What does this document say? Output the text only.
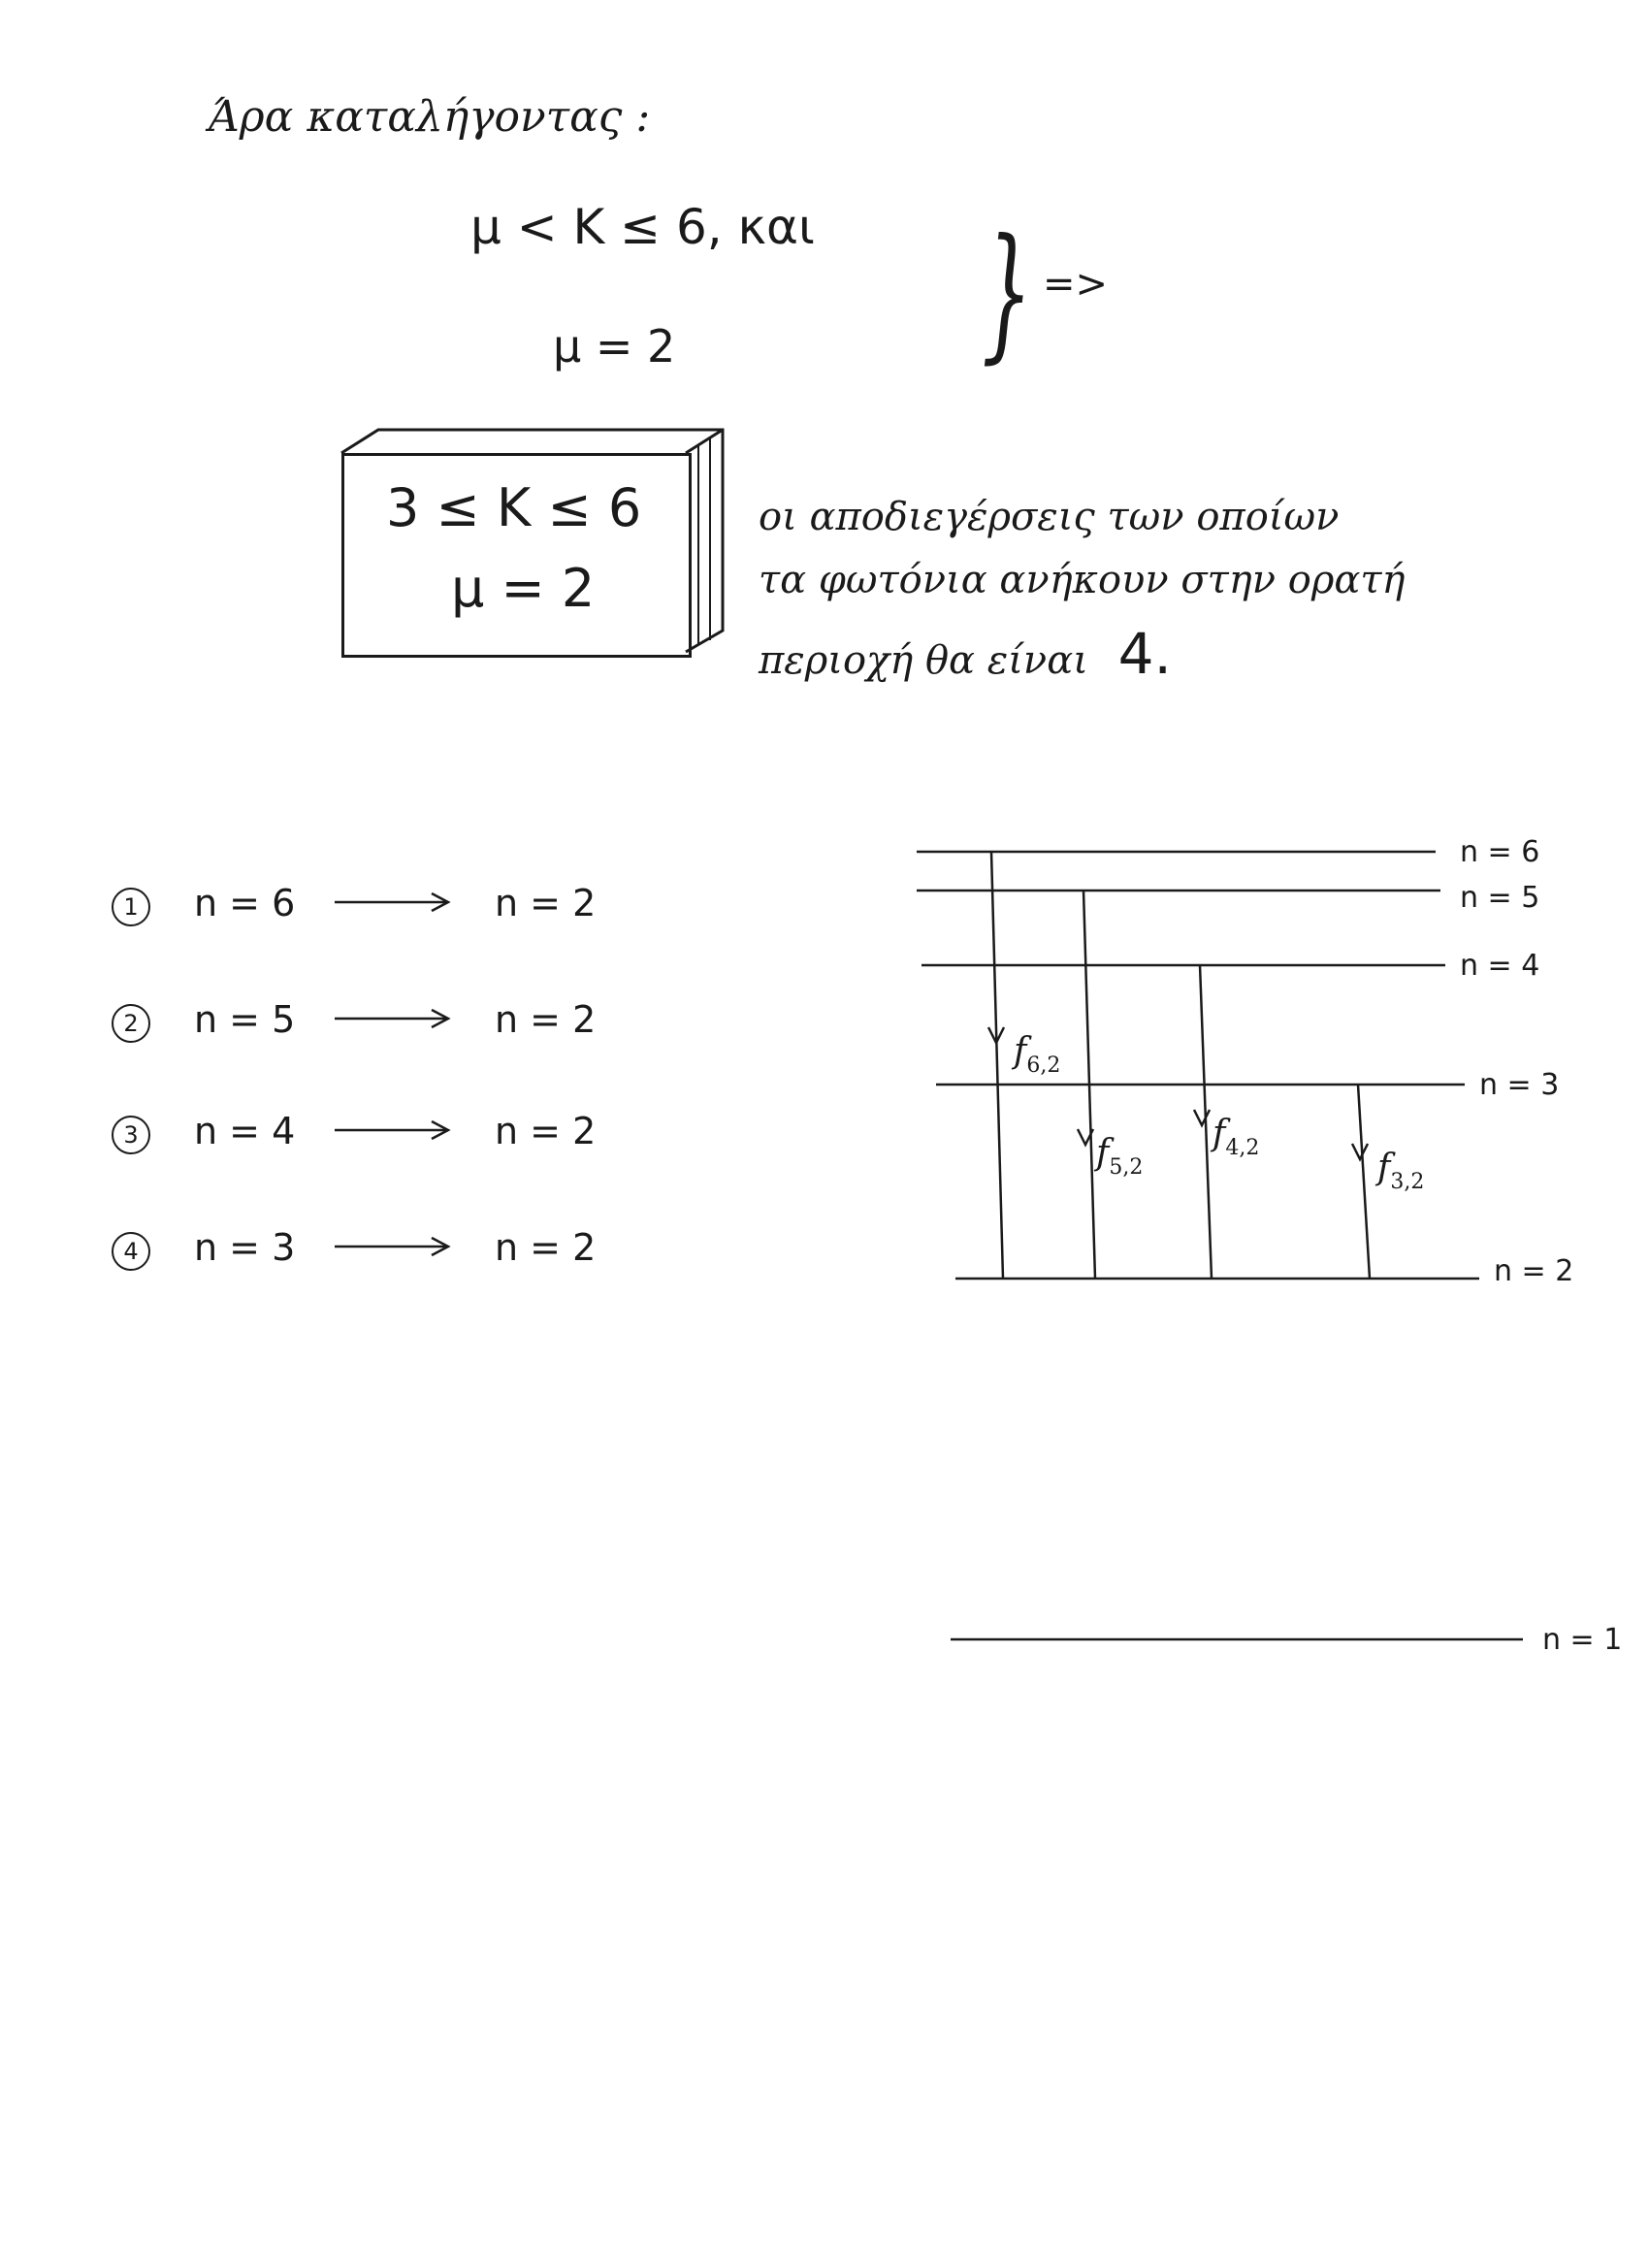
Άρα καταλήγοντας :
μ < Κ ≤ 6, και
μ = 2 } =>
3 ≤ Κ ≤ 6
μ = 2
οι αποδιεγέρσεις των οποίων
τα φωτόνια ανήκουν στην ορατή
περιοχή θα είναι 4.
1	n = 6	n = 2
2	n = 5	n = 2
3	n = 4	n = 2
4	n = 3	n = 2
n = 6
n = 5
n = 4
n = 3
n = 2
n = 1
$f_{6,2}$
$f_{5,2}$
$f_{4,2}$	$f_{3,2}$
